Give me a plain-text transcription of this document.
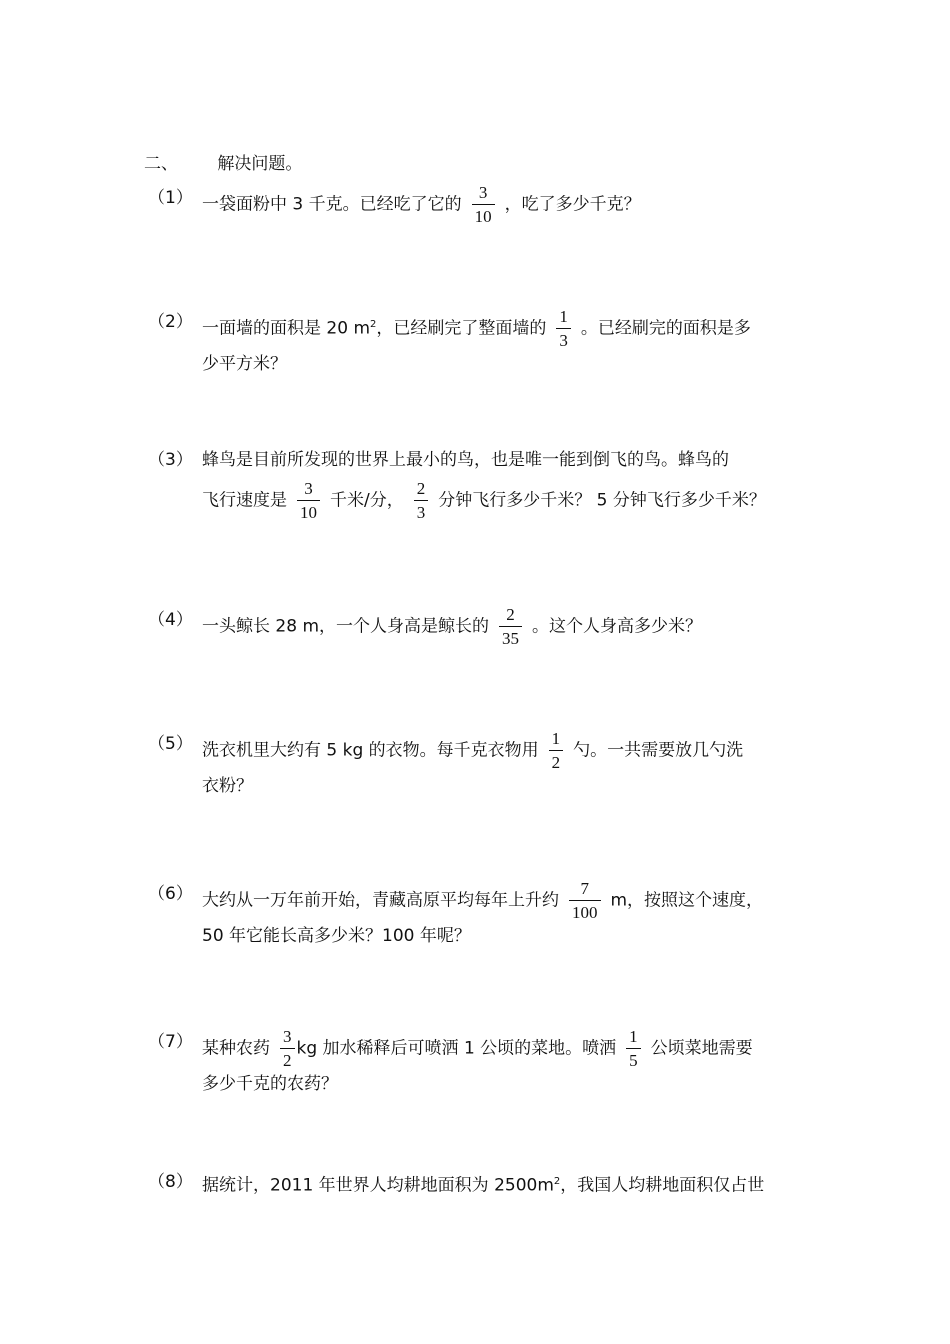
二、 解决问题。
（1） 一袋面粉中 3 千克。已经吃了它的 $\frac{3}{10}$ ，吃了多少千克？
（2） 一面墙的面积是 20 $m^2$，已经刷完了整面墙的 $\frac{1}{3}$ 。已经刷完的面积是多
少平方米？
（3） 蜂鸟是目前所发现的世界上最小的鸟，也是唯一能到倒飞的鸟。蜂鸟的
飞行速度是 $\frac{3}{10}$ 千米/分， $\frac{2}{3}$ 分钟飞行多少千米？ 5 分钟飞行多少千米？
（4） 一头鲸长 28 m，一个人身高是鲸长的 $\frac{2}{35}$ 。这个人身高多少米？
（5） 洗衣机里大约有 5 kg 的衣物。每千克衣物用 $\frac{1}{2}$ 勺。一共需要放几勺洗
衣粉？
（6） 大约从一万年前开始，青藏高原平均每年上升约 $\frac{7}{100}$ m，按照这个速度，
50 年它能长高多少米？100 年呢？
（7） 某种农药 $\frac{3}{2}$ kg 加水稀释后可喷洒 1 公顷的菜地。喷洒 $\frac{1}{5}$ 公顷菜地需要
多少千克的农药？
（8） 据统计，2011 年世界人均耕地面积为 $2500m^2$，我国人均耕地面积仅占世
